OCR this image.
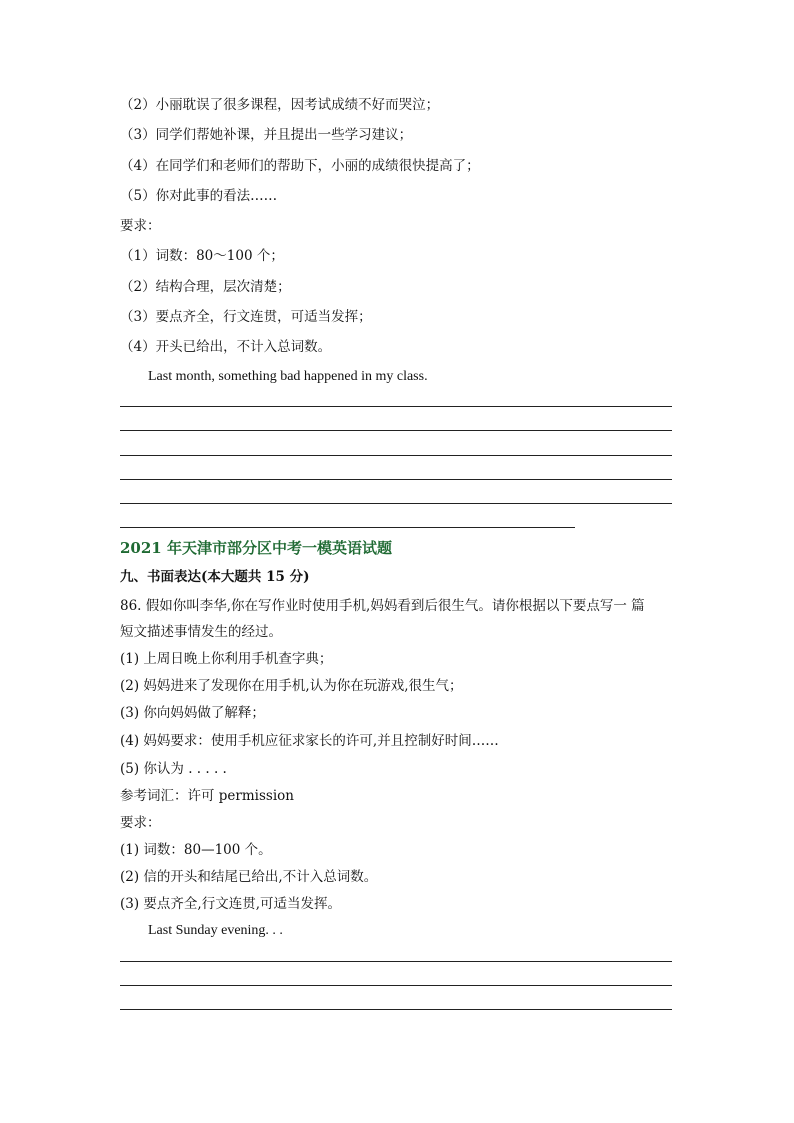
（2）小丽耽误了很多课程，因考试成绩不好而哭泣；
（3）同学们帮她补课，并且提出一些学习建议；
（4）在同学们和老师们的帮助下，小丽的成绩很快提高了；
（5）你对此事的看法……
要求：
（1）词数：80～100 个；
（2）结构合理，层次清楚；
（3）要点齐全，行文连贯，可适当发挥；
（4）开头已给出，不计入总词数。
Last month, something bad happened in my class.
2021 年天津市部分区中考一模英语试题
九、书面表达(本大题共 15 分)
86. 假如你叫李华,你在写作业时使用手机,妈妈看到后很生气。请你根据以下要点写一 篇
短文描述事情发生的经过。
(1) 上周日晚上你利用手机查字典；
(2) 妈妈进来了发现你在用手机,认为你在玩游戏,很生气；
(3) 你向妈妈做了解释；
(4) 妈妈要求：使用手机应征求家长的许可,并且控制好时间……
(5) 你认为 . . . . .
参考词汇：许可 permission
要求：
(1) 词数：80—100 个。
(2) 信的开头和结尾已给出,不计入总词数。
(3) 要点齐全,行文连贯,可适当发挥。
Last Sunday evening. . .
